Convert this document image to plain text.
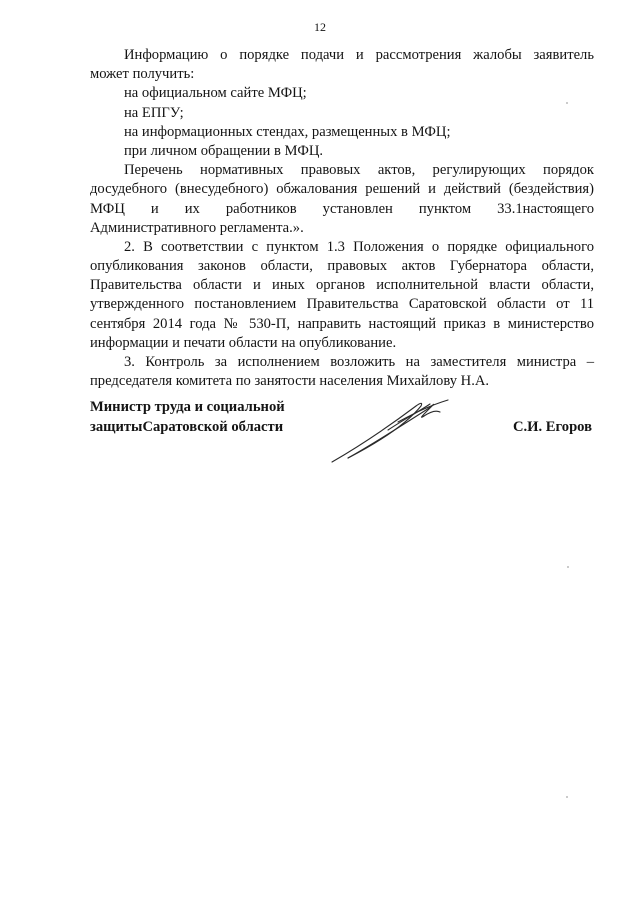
12
Информацию о порядке подачи и рассмотрения жалобы заявитель
может получить:
на официальном сайте МФЦ;
на ЕПГУ;
на информационных стендах, размещенных в МФЦ;
при личном обращении в МФЦ.
Перечень нормативных правовых актов, регулирующих порядок
досудебного (внесудебного) обжалования решений и действий (бездействия)
МФЦ и их работников установлен пунктом 33.1настоящего
Административного регламента.».
2. В соответствии с пунктом 1.3 Положения о порядке официального
опубликования законов области, правовых актов Губернатора области,
Правительства области и иных органов исполнительной власти области,
утвержденного постановлением Правительства Саратовской области от 11
сентября 2014 года № 530-П, направить настоящий приказ в министерство
информации и печати области на опубликование.
3. Контроль за исполнением возложить на заместителя министра –
председателя комитета по занятости населения Михайлову Н.А.
Министр труда и социальной
защитыСаратовской области	С.И. Егоров
